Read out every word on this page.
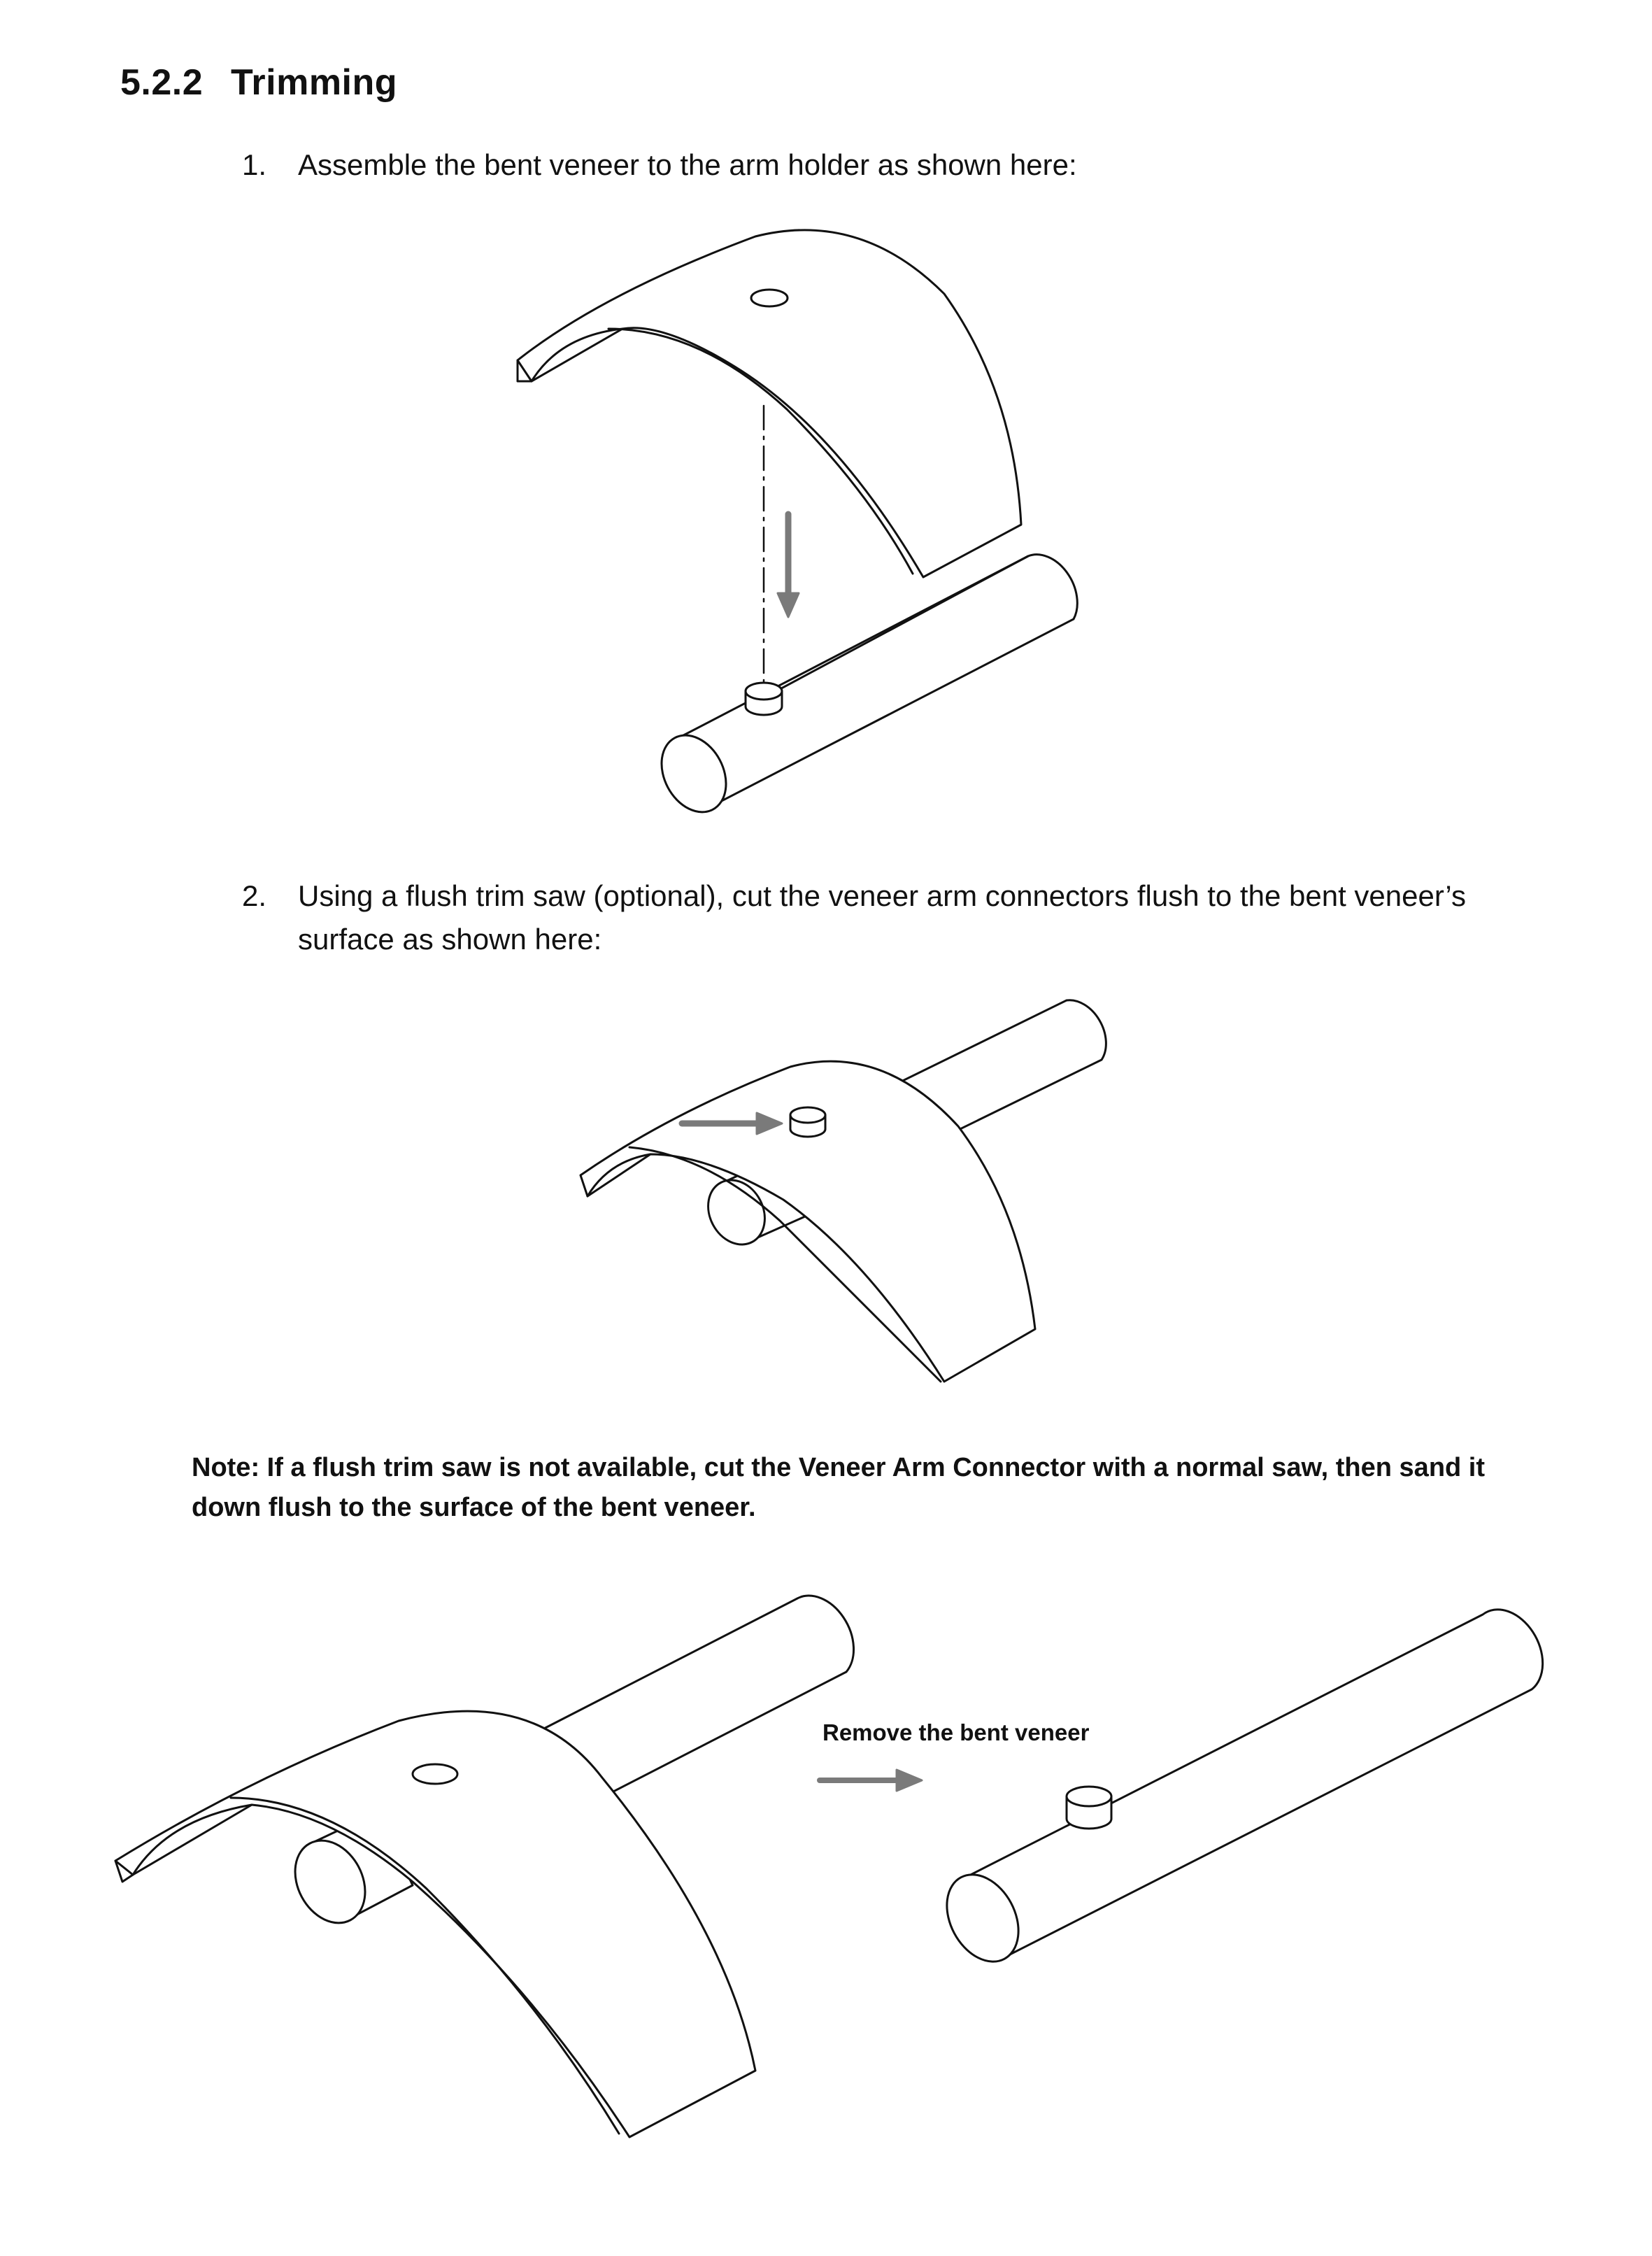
5.2.2 Trimming
1. Assemble the bent veneer to the arm holder as shown here:
2. Using a flush trim saw (optional), cut the veneer arm connectors flush to the bent veneer’s surface as shown here:
Note: If a flush trim saw is not available, cut the Veneer Arm Connector with a normal saw, then sand it down flush to the surface of the bent veneer.
Remove the bent veneer
